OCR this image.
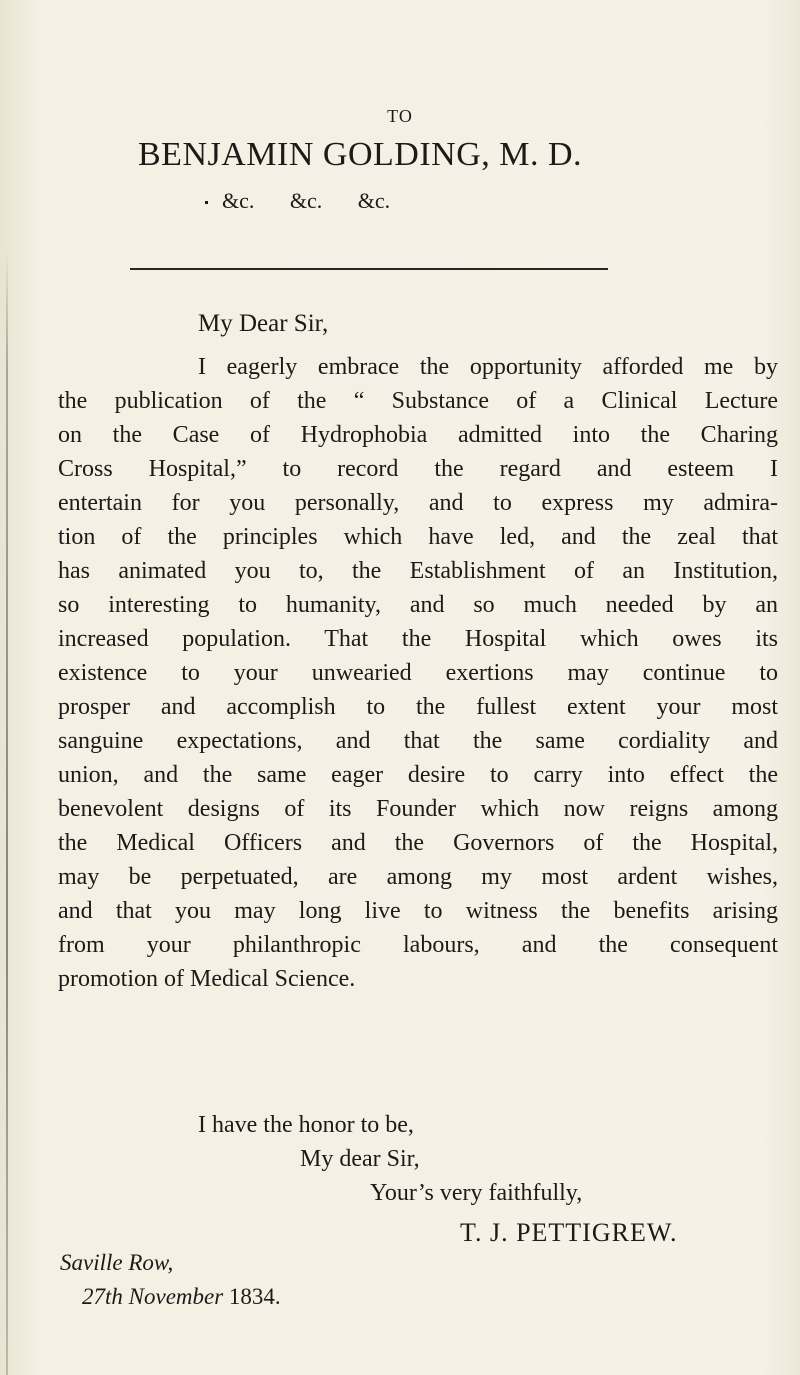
TO
BENJAMIN GOLDING, M. D.
&c. &c. &c.
My Dear Sir,
I eagerly embrace the opportunity afforded me by
the publication of the “ Substance of a Clinical Lecture
on the Case of Hydrophobia admitted into the Charing
Cross Hospital,” to record the regard and esteem I
entertain for you personally, and to express my admira-
tion of the principles which have led, and the zeal that
has animated you to, the Establishment of an Institution,
so interesting to humanity, and so much needed by an
increased population. That the Hospital which owes its
existence to your unwearied exertions may continue to
prosper and accomplish to the fullest extent your most
sanguine expectations, and that the same cordiality and
union, and the same eager desire to carry into effect the
benevolent designs of its Founder which now reigns among
the Medical Officers and the Governors of the Hospital,
may be perpetuated, are among my most ardent wishes,
and that you may long live to witness the benefits arising
from your philanthropic labours, and the consequent
promotion of Medical Science.
I have the honor to be,
My dear Sir,
Your’s very faithfully,
T. J. PETTIGREW.
Saville Row,
27th November 1834.
